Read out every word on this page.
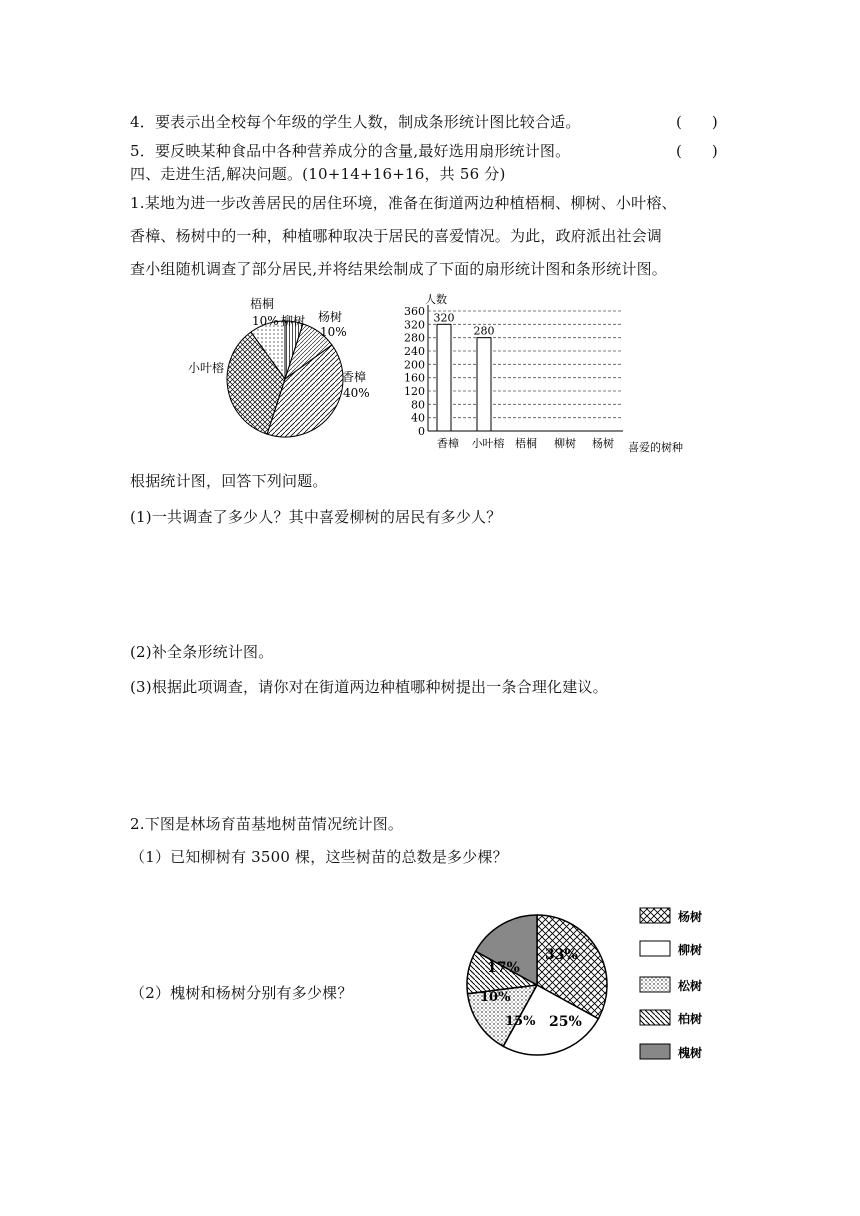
4．要表示出全校每个年级的学生人数，制成条形统计图比较合适。	(　　)
5．要反映某种食品中各种营养成分的含量,最好选用扇形统计图。	(　　)
四、走进生活,解决问题。(10+14+16+16，共 56 分)
1.某地为进一步改善居民的居住环境，准备在街道两边种植梧桐、柳树、小叶榕、
香樟、杨树中的一种，种植哪种取决于居民的喜爱情况。为此，政府派出社会调
查小组随机调查了部分居民,并将结果绘制成了下面的扇形统计图和条形统计图。
梧桐
10% 柳树 杨树
10%
香樟
40%
小叶榕
人数
0
40
80
120
160
200
240
280
320
360 320
280
香樟 小叶榕 梧桐 柳树 杨树 喜爱的树种
根据统计图，回答下列问题。
(1)一共调查了多少人？其中喜爱柳树的居民有多少人？
(2)补全条形统计图。
(3)根据此项调查，请你对在街道两边种植哪种树提出一条合理化建议。
2.下图是林场育苗基地树苗情况统计图。
（1）已知柳树有 3500 棵，这些树苗的总数是多少棵？
（2）槐树和杨树分别有多少棵？
33%
25%
15%
10%
17%
杨树
柳树
松树
柏树
槐树
